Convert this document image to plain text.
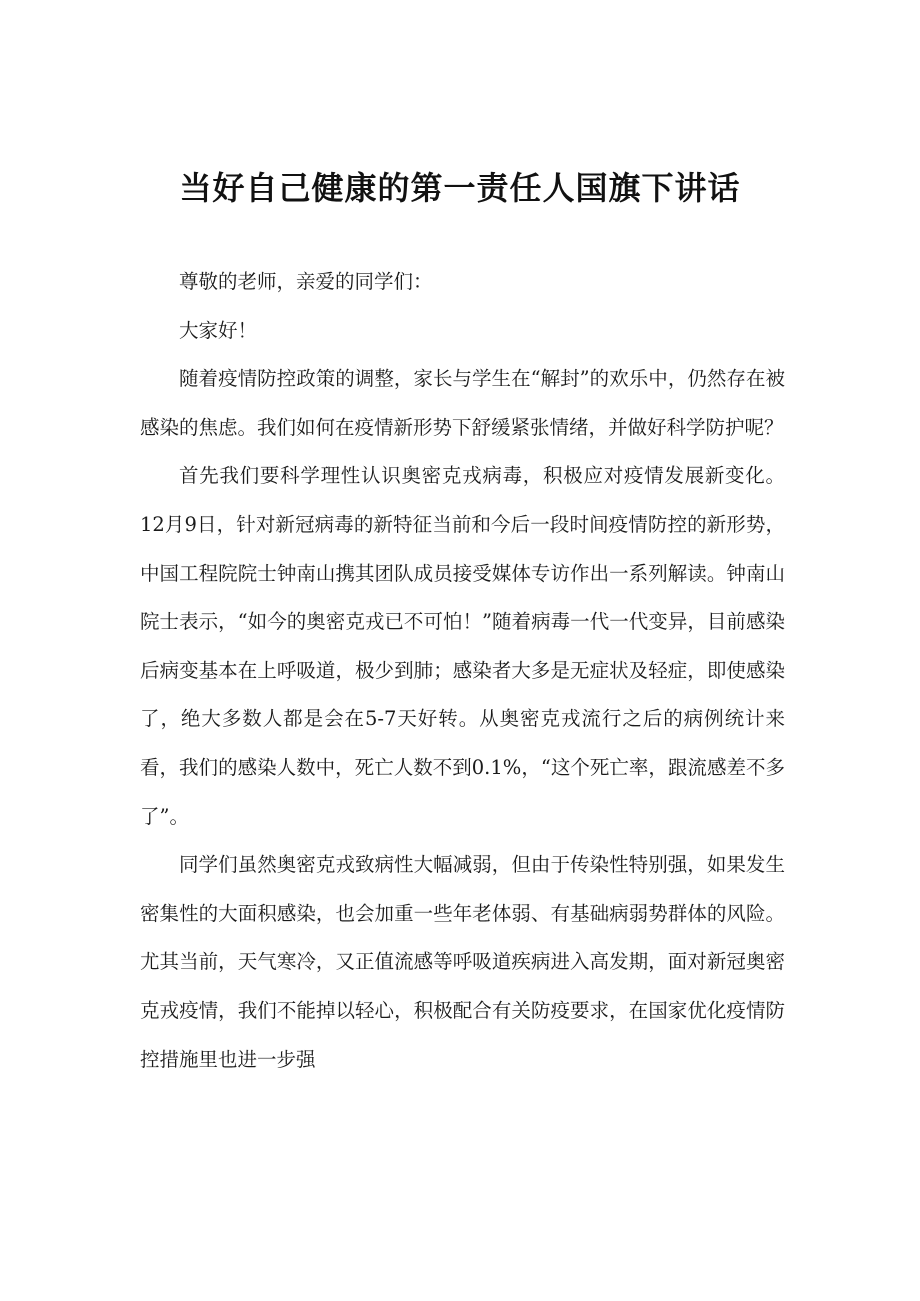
当好自己健康的第一责任人国旗下讲话

尊敬的老师，亲爱的同学们：

大家好！

随着疫情防控政策的调整，家长与学生在“解封”的欢乐中，仍然存在被感染的焦虑。我们如何在疫情新形势下舒缓紧张情绪，并做好科学防护呢？

首先我们要科学理性认识奥密克戎病毒，积极应对疫情发展新变化。12月9日，针对新冠病毒的新特征当前和今后一段时间疫情防控的新形势，中国工程院院士钟南山携其团队成员接受媒体专访作出一系列解读。钟南山院士表示，“如今的奥密克戎已不可怕！”随着病毒一代一代变异，目前感染后病变基本在上呼吸道，极少到肺；感染者大多是无症状及轻症，即使感染了，绝大多数人都是会在5-7天好转。从奥密克戎流行之后的病例统计来看，我们的感染人数中，死亡人数不到0.1%，“这个死亡率，跟流感差不多了”。

同学们虽然奥密克戎致病性大幅减弱，但由于传染性特别强，如果发生密集性的大面积感染，也会加重一些年老体弱、有基础病弱势群体的风险。尤其当前，天气寒冷，又正值流感等呼吸道疾病进入高发期，面对新冠奥密克戎疫情，我们不能掉以轻心，积极配合有关防疫要求，在国家优化疫情防控措施里也进一步强
